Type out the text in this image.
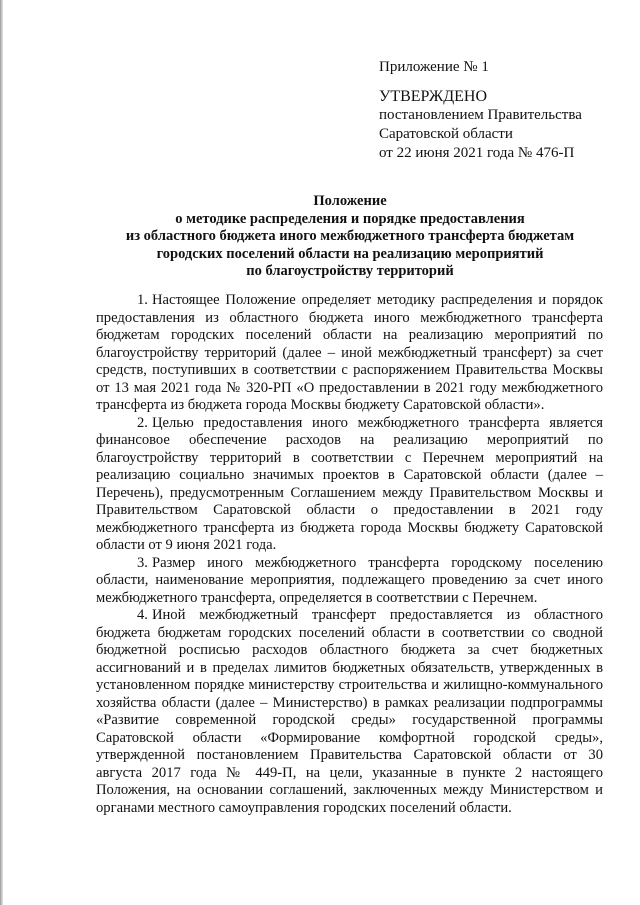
Приложение № 1
УТВЕРЖДЕНО
постановлением Правительства
Саратовской области
от 22 июня 2021 года № 476-П
Положение
о методике распределения и порядке предоставления
из областного бюджета иного межбюджетного трансферта бюджетам
городских поселений области на реализацию мероприятий
по благоустройству территорий

1. Настоящее Положение определяет методику распределения и порядок предоставления из областного бюджета иного межбюджетного трансферта бюджетам городских поселений области на реализацию мероприятий по благоустройству территорий (далее – иной межбюджетный трансферт) за счет средств, поступивших в соответствии с распоряжением Правительства Москвы от 13 мая 2021 года № 320-РП «О предоставлении в 2021 году межбюджетного трансферта из бюджета города Москвы бюджету Саратовской области».

2. Целью предоставления иного межбюджетного трансферта является финансовое обеспечение расходов на реализацию мероприятий по благоустройству территорий в соответствии с Перечнем мероприятий на реализацию социально значимых проектов в Саратовской области (далее – Перечень), предусмотренным Соглашением между Правительством Москвы и Правительством Саратовской области о предоставлении в 2021 году межбюджетного трансферта из бюджета города Москвы бюджету Саратовской области от 9 июня 2021 года.

3. Размер иного межбюджетного трансферта городскому поселению области, наименование мероприятия, подлежащего проведению за счет иного межбюджетного трансферта, определяется в соответствии с Перечнем.

4. Иной межбюджетный трансферт предоставляется из областного бюджета бюджетам городских поселений области в соответствии со сводной бюджетной росписью расходов областного бюджета за счет бюджетных ассигнований и в пределах лимитов бюджетных обязательств, утвержденных в установленном порядке министерству строительства и жилищно-коммунального хозяйства области (далее – Министерство) в рамках реализации подпрограммы «Развитие современной городской среды» государственной программы Саратовской области «Формирование комфортной городской среды», утвержденной постановлением Правительства Саратовской области от 30 августа 2017 года № 449-П, на цели, указанные в пункте 2 настоящего Положения, на основании соглашений, заключенных между Министерством и органами местного самоуправления городских поселений области.
